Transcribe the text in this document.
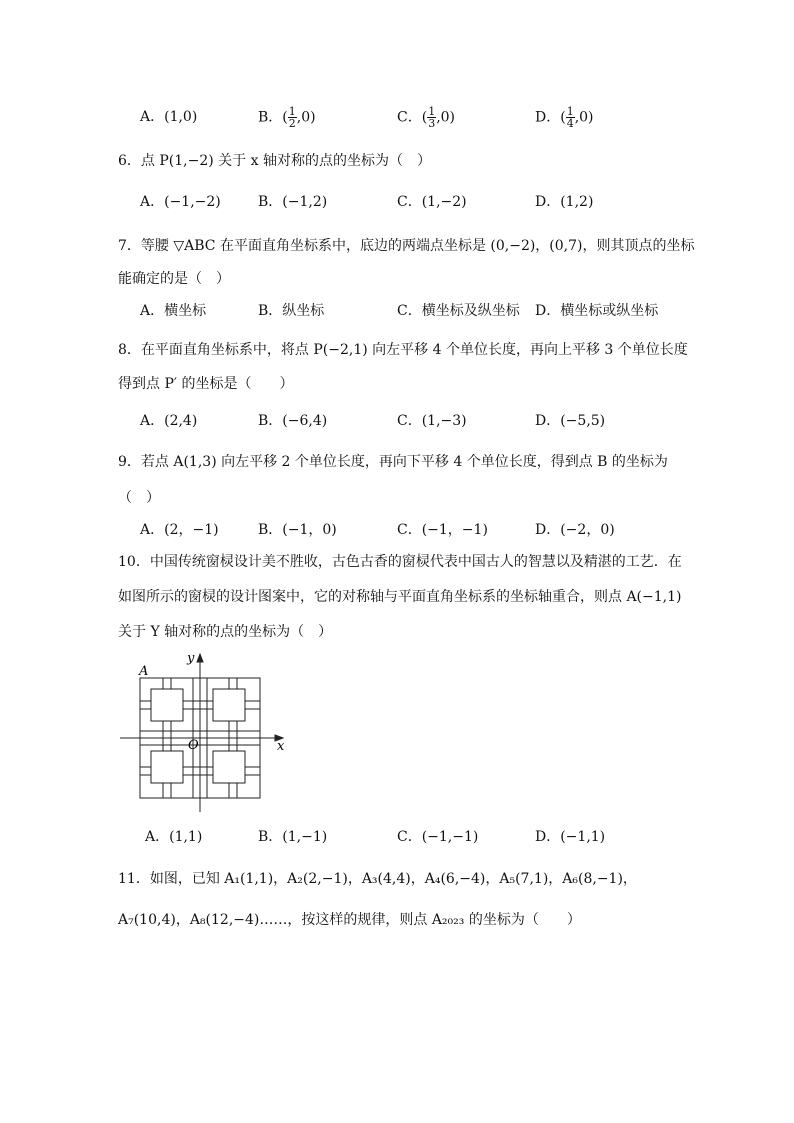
A．(1,0)	B．( $\frac{1}{2} ,0$)	C．( $\frac{1}{3} ,0$)	D．( $\frac{1}{4} ,0$)
6．点 P(1,−2) 关于 x 轴对称的点的坐标为（　）
A．(−1,−2)	B．(−1,2)	C．(1,−2)	D．(1,2)
7．等腰 ▽ABC 在平面直角坐标系中，底边的两端点坐标是 (0,−2)，(0,7)，则其顶点的坐标
能确定的是（　）
A．横坐标	B．纵坐标	C．横坐标及纵坐标 D．横坐标或纵坐标
8．在平面直角坐标系中，将点 P(−2,1) 向左平移 4 个单位长度，再向上平移 3 个单位长度
得到点 P′ 的坐标是（　　）
A．(2,4)	B．(−6,4)	C．(1,−3)	D．(−5,5)
9．若点 A(1,3) 向左平移 2 个单位长度，再向下平移 4 个单位长度，得到点 B 的坐标为
（　）
A．(2，−1)	B．(−1，0)	C．(−1，−1)	D．(−2，0)
10．中国传统窗棂设计美不胜收，古色古香的窗棂代表中国古人的智慧以及精湛的工艺．在
如图所示的窗棂的设计图案中，它的对称轴与平面直角坐标系的坐标轴重合，则点 A(−1,1)
关于 Y 轴对称的点的坐标为（　）
A
y
O	x
A．(1,1)	B．(1,−1)	C．(−1,−1)	D．(−1,1)
11．如图，已知 A₁(1,1)，A₂(2,−1)，A₃(4,4)，A₄(6,−4)，A₅(7,1)，A₆(8,−1)，
A₇(10,4)，A₈(12,−4)……，按这样的规律，则点 A₂₀₂₃ 的坐标为（　　）
